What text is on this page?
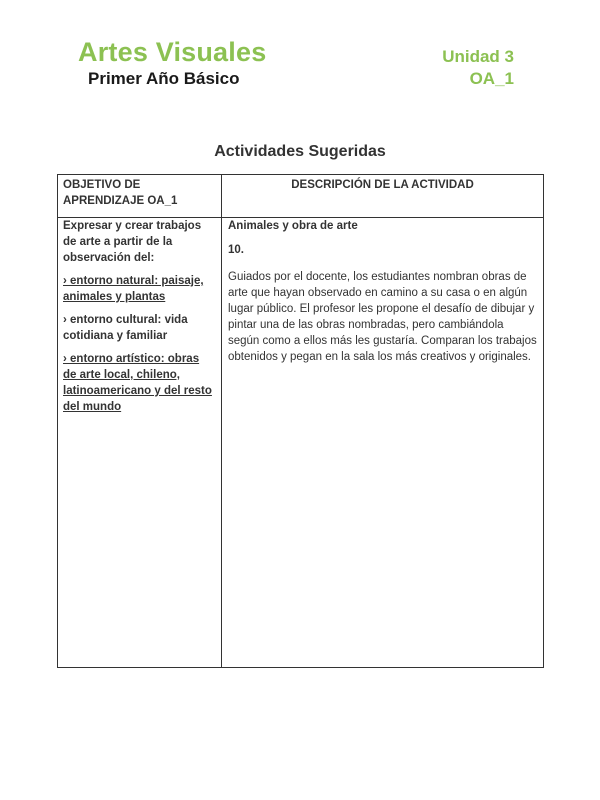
Artes Visuales
Primer Año Básico
Unidad 3
OA_1
Actividades Sugeridas
OBJETIVO DE APRENDIZAJE OA_1
DESCRIPCIÓN DE LA ACTIVIDAD

Expresar y crear trabajos de arte a partir de la observación del:

› entorno natural: paisaje, animales y plantas

› entorno cultural: vida cotidiana y familiar

› entorno artístico: obras de arte local, chileno, latinoamericano y del resto del mundo

Animales y obra de arte

10.

Guiados por el docente, los estudiantes nombran obras de arte que hayan observado en camino a su casa o en algún lugar público. El profesor les propone el desafío de dibujar y pintar una de las obras nombradas, pero cambiándola según como a ellos más les gustaría. Comparan los trabajos obtenidos y pegan en la sala los más creativos y originales.
